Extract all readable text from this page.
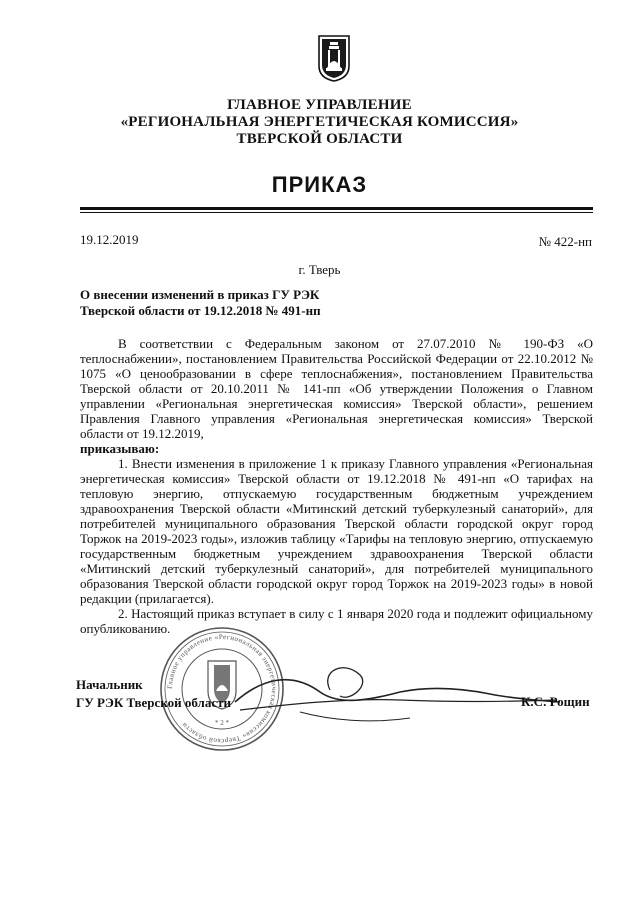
ГЛАВНОЕ УПРАВЛЕНИЕ
«РЕГИОНАЛЬНАЯ ЭНЕРГЕТИЧЕСКАЯ КОМИССИЯ»
ТВЕРСКОЙ ОБЛАСТИ
ПРИКАЗ
19.12.2019	№ 422-нп
г. Тверь
О внесении изменений в приказ ГУ РЭК
Тверской области от 19.12.2018 № 491-нп

В соответствии с Федеральным законом от 27.07.2010 № 190-ФЗ «О теплоснабжении», постановлением Правительства Российской Федерации от 22.10.2012 № 1075 «О ценообразовании в сфере теплоснабжения», постановлением Правительства Тверской области от 20.10.2011 № 141-пп «Об утверждении Положения о Главном управлении «Региональная энергетическая комиссия» Тверской области», решением Правления Главного управления «Региональная энергетическая комиссия» Тверской области от 19.12.2019,

приказываю:

1. Внести изменения в приложение 1 к приказу Главного управления «Региональная энергетическая комиссия» Тверской области от 19.12.2018 № 491-нп «О тарифах на тепловую энергию, отпускаемую государственным бюджетным учреждением здравоохранения Тверской области «Митинский детский туберкулезный санаторий», для потребителей муниципального образования Тверской области городской округ город Торжок на 2019-2023 годы», изложив таблицу «Тарифы на тепловую энергию, отпускаемую государственным бюджетным учреждением здравоохранения Тверской области «Митинский детский туберкулезный санаторий», для потребителей муниципального образования Тверской области городской округ город Торжок на 2019-2023 годы» в новой редакции (прилагается).

2. Настоящий приказ вступает в силу с 1 января 2020 года и подлежит официальному опубликованию.

Главное управление «Региональная энергетическая комиссия» Тверской области	* 2 *
Начальник
ГУ РЭК Тверской области	К.С. Рощин
